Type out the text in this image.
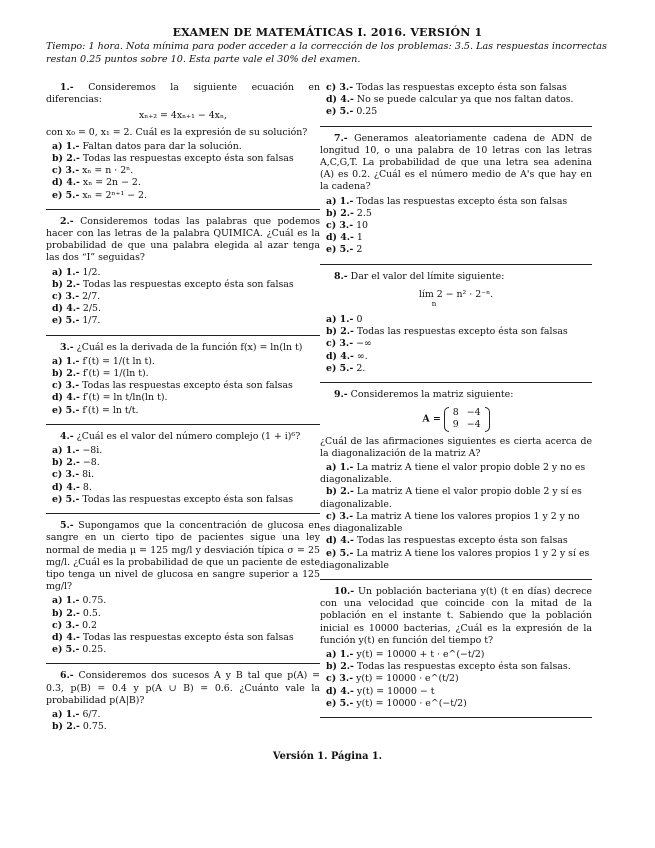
EXAMEN DE MATEMÁTICAS I. 2016. VERSIÓN 1
Tiempo: 1 hora. Nota mínima para poder acceder a la corrección de los problemas: 3.5. Las respuestas incorrectas restan 0.25 puntos sobre 10. Esta parte vale el 30% del examen.

1.- Consideremos la siguiente ecuación en diferencias:

xₙ₊₂ = 4xₙ₊₁ − 4xₙ,

con x₀ = 0, x₁ = 2. Cuál es la expresión de su solución?

a) 1.- Faltan datos para dar la solución.
b) 2.- Todas las respuestas excepto ésta son falsas
c) 3.- xₙ = n · 2ⁿ.
d) 4.- xₙ = 2n − 2.
e) 5.- xₙ = 2ⁿ⁺¹ − 2.

2.- Consideremos todas las palabras que podemos hacer con las letras de la palabra QUIMICA. ¿Cuál es la probabilidad de que una palabra elegida al azar tenga las dos “I” seguidas?

a) 1.- 1/2.
b) 2.- Todas las respuestas excepto ésta son falsas
c) 3.- 2/7.
d) 4.- 2/5.
e) 5.- 1/7.

3.- ¿Cuál es la derivada de la función f(x) = ln(ln t)

a) 1.- f′(t) = 1/(t ln t).
b) 2.- f′(t) = 1/(ln t).
c) 3.- Todas las respuestas excepto ésta son falsas
d) 4.- f′(t) = ln t/ln(ln t).
e) 5.- f′(t) = ln t/t.

4.- ¿Cuál es el valor del número complejo (1 + i)⁶?

a) 1.- −8i.
b) 2.- −8.
c) 3.- 8i.
d) 4.- 8.
e) 5.- Todas las respuestas excepto ésta son falsas

5.- Supongamos que la concentración de glucosa en sangre en un cierto tipo de pacientes sigue una ley normal de media μ = 125 mg/l y desviación típica σ = 25 mg/l. ¿Cuál es la probabilidad de que un paciente de este tipo tenga un nivel de glucosa en sangre superior a 125 mg/l?

a) 1.- 0.75.
b) 2.- 0.5.
c) 3.- 0.2
d) 4.- Todas las respuestas excepto ésta son falsas
e) 5.- 0.25.

6.- Consideremos dos sucesos A y B tal que p(A) = 0.3, p(B) = 0.4 y p(A ∪ B) = 0.6. ¿Cuánto vale la probabilidad p(A|B)?

a) 1.- 6/7.
b) 2.- 0.75.
c) 3.- Todas las respuestas excepto ésta son falsas
d) 4.- No se puede calcular ya que nos faltan datos.
e) 5.- 0.25

7.- Generamos aleatoriamente cadena de ADN de longitud 10, o una palabra de 10 letras con las letras A,C,G,T. La probabilidad de que una letra sea adenina (A) es 0.2. ¿Cuál es el número medio de A's que hay en la cadena?

a) 1.- Todas las respuestas excepto ésta son falsas
b) 2.- 2.5
c) 3.- 10
d) 4.- 1
e) 5.- 2

8.- Dar el valor del límite siguiente:

lím 2 − n² · 2⁻ⁿ.
n
a) 1.- 0
b) 2.- Todas las respuestas excepto ésta son falsas
c) 3.- −∞
d) 4.- ∞.
e) 5.- 2.

9.- Consideremos la matriz siguiente:

A =
8	−4
9	−4

¿Cuál de las afirmaciones siguientes es cierta acerca de la diagonalización de la matriz A?

a) 1.- La matriz A tiene el valor propio doble 2 y no es diagonalizable.
b) 2.- La matriz A tiene el valor propio doble 2 y sí es diagonalizable.
c) 3.- La matriz A tiene los valores propios 1 y 2 y no es diagonalizable
d) 4.- Todas las respuestas excepto ésta son falsas
e) 5.- La matriz A tiene los valores propios 1 y 2 y sí es diagonalizable

10.- Un población bacteriana y(t) (t en días) decrece con una velocidad que coincide con la mitad de la población en el instante t. Sabiendo que la población inicial es 10000 bacterias, ¿Cuál es la expresión de la función y(t) en función del tiempo t?

a) 1.- y(t) = 10000 + t · e^(−t/2)
b) 2.- Todas las respuestas excepto ésta son falsas.
c) 3.- y(t) = 10000 · e^(t/2)
d) 4.- y(t) = 10000 − t
e) 5.- y(t) = 10000 · e^(−t/2)
Versión 1. Página 1.
